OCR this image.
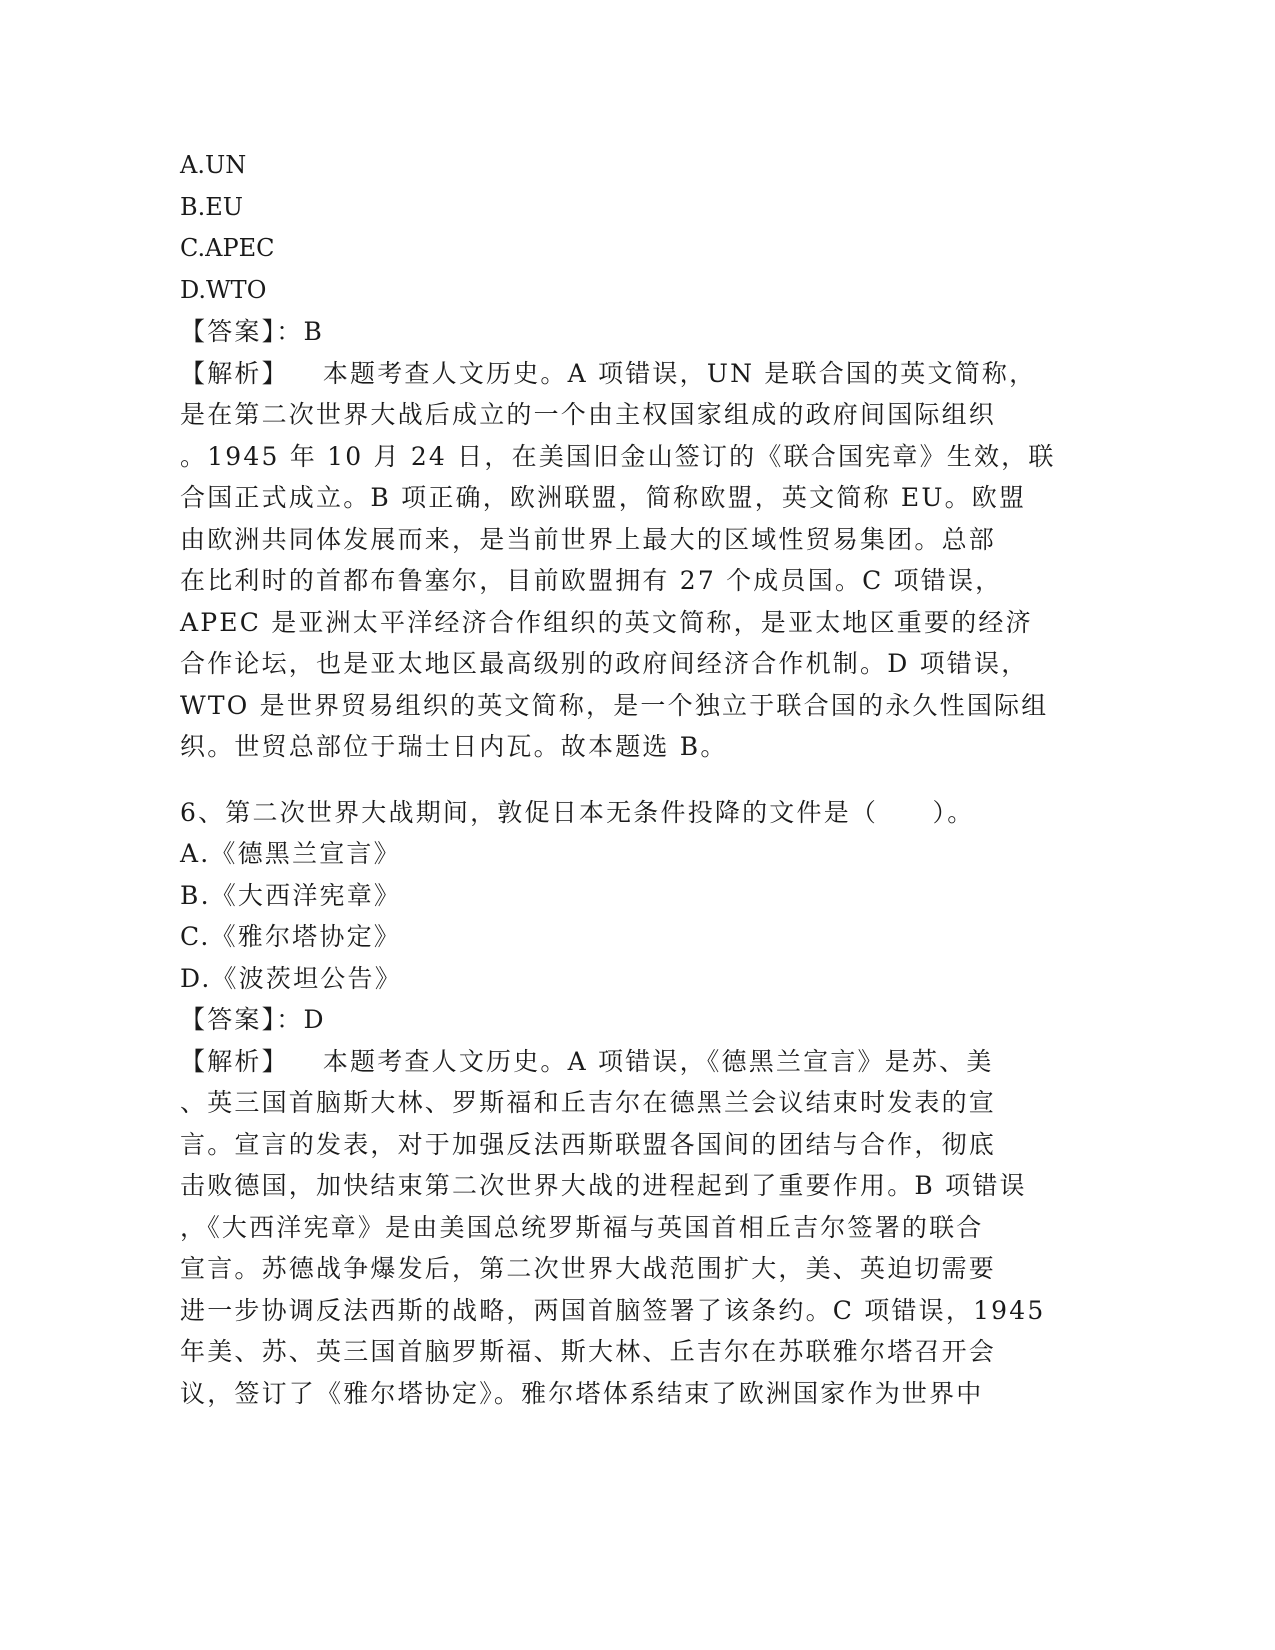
A.UN
B.EU
C.APEC
D.WTO
【答案】：B
【解析】 本题考查人文历史。A 项错误，UN 是联合国的英文简称，
是在第二次世界大战后成立的一个由主权国家组成的政府间国际组织
。1945 年 10 月 24 日，在美国旧金山签订的《联合国宪章》生效，联
合国正式成立。B 项正确，欧洲联盟，简称欧盟，英文简称 EU。欧盟
由欧洲共同体发展而来，是当前世界上最大的区域性贸易集团。总部
在比利时的首都布鲁塞尔，目前欧盟拥有 27 个成员国。C 项错误，
APEC 是亚洲太平洋经济合作组织的英文简称，是亚太地区重要的经济
合作论坛，也是亚太地区最高级别的政府间经济合作机制。D 项错误，
WTO 是世界贸易组织的英文简称，是一个独立于联合国的永久性国际组
织。世贸总部位于瑞士日内瓦。故本题选 B。
6、第二次世界大战期间，敦促日本无条件投降的文件是（　　）。
A.《德黑兰宣言》
B.《大西洋宪章》
C.《雅尔塔协定》
D.《波茨坦公告》
【答案】：D
【解析】 本题考查人文历史。A 项错误，《德黑兰宣言》是苏、美
、英三国首脑斯大林、罗斯福和丘吉尔在德黑兰会议结束时发表的宣
言。宣言的发表，对于加强反法西斯联盟各国间的团结与合作，彻底
击败德国，加快结束第二次世界大战的进程起到了重要作用。B 项错误
，《大西洋宪章》是由美国总统罗斯福与英国首相丘吉尔签署的联合
宣言。苏德战争爆发后，第二次世界大战范围扩大，美、英迫切需要
进一步协调反法西斯的战略，两国首脑签署了该条约。C 项错误，1945
年美、苏、英三国首脑罗斯福、斯大林、丘吉尔在苏联雅尔塔召开会
议，签订了《雅尔塔协定》。雅尔塔体系结束了欧洲国家作为世界中
